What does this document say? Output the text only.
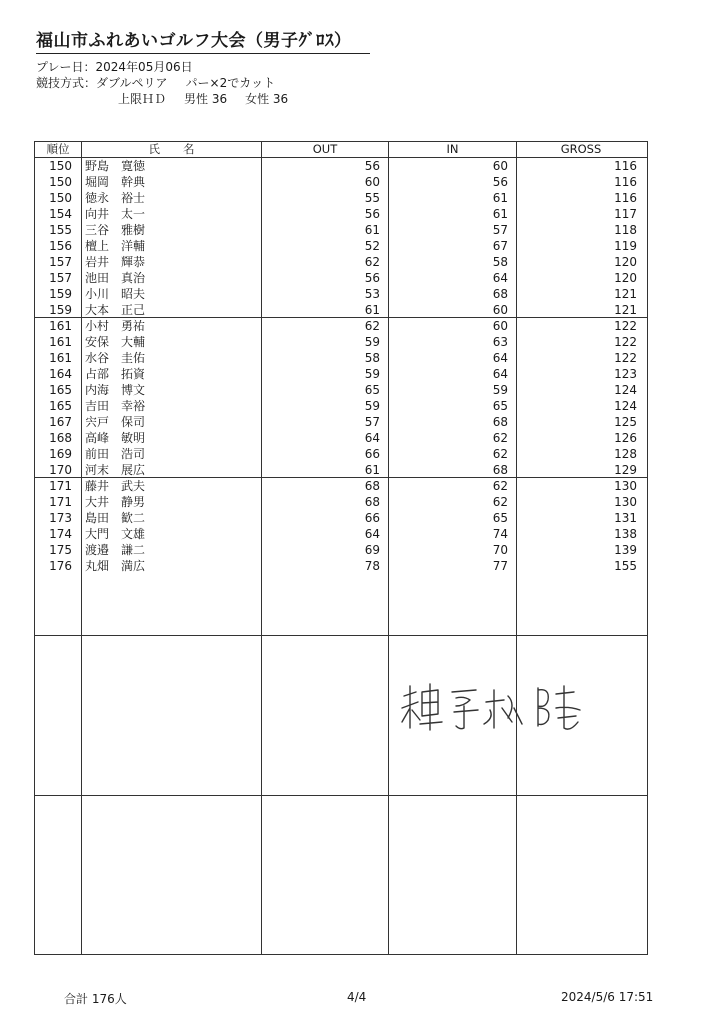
福山市ふれあいゴルフ大会（男子ｸﾞﾛｽ）
プレー日：2024年05月06日
競技方式：ダブルペリア パー×2でカット
上限ＨＤ 男性 36 女性 36
順位	氏　　名	OUT	IN	GROSS
150 野島　寛徳	56	60	116
150 堀岡　幹典	60	56	116
150 徳永　裕士	55	61	116
154 向井　太一	56	61	117
155 三谷　雅樹	61	57	118
156 檀上　洋輔	52	67	119
157 岩井　輝恭	62	58	120
157 池田　真治	56	64	120
159 小川　昭夫	53	68	121
159 大本　正己	61	60	121
161 小村　勇祐	62	60	122
161 安保　大輔	59	63	122
161 水谷　圭佑	58	64	122
164 占部　拓資	59	64	123
165 内海　博文	65	59	124
165 吉田　幸裕	59	65	124
167 宍戸　保司	57	68	125
168 高峰　敏明	64	62	126
169 前田　浩司	66	62	128
170 河末　展広	61	68	129
171 藤井　武夫	68	62	130
171 大井　静男	68	62	130
173 島田　歓二	66	65	131
174 大門　文雄	64	74	138
175 渡邉　謙二	69	70	139
176 丸畑　満広	78	77	155
合計 176人	4/4	2024/5/6 17:51
